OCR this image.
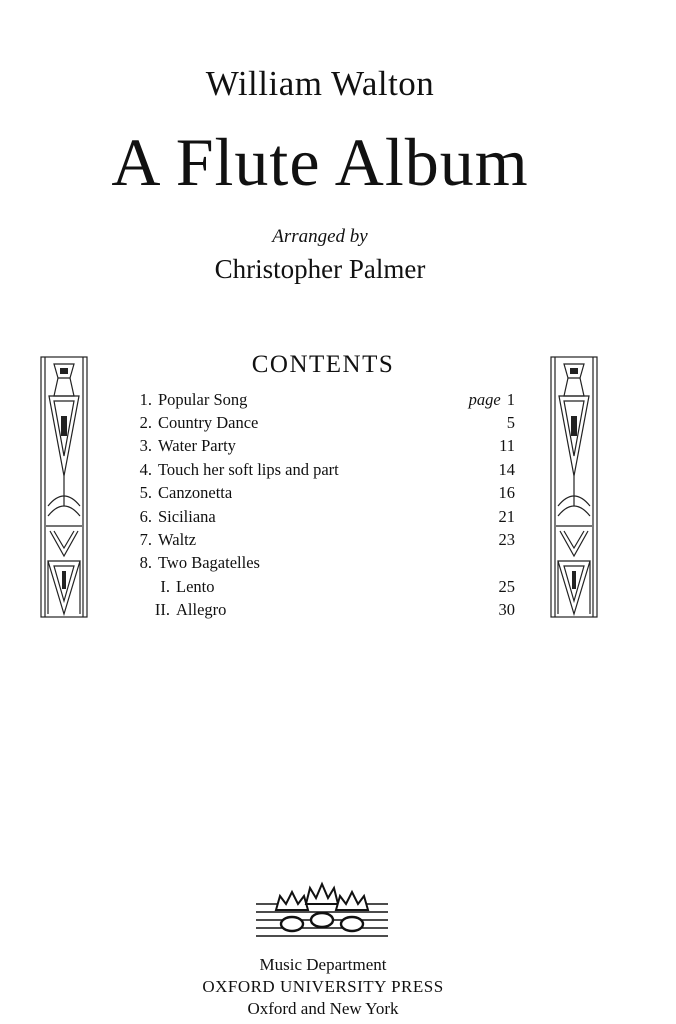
William Walton
A Flute Album
Arranged by
Christopher Palmer
CONTENTS
1. Popular Song	page 1
2. Country Dance	5
3. Water Party	11
4. Touch her soft lips and part	14
5. Canzonetta	16
6. Siciliana	21
7. Waltz	23
8. Two Bagatelles
I. Lento	25
II. Allegro	30
Music Department
OXFORD UNIVERSITY PRESS
Oxford and New York
